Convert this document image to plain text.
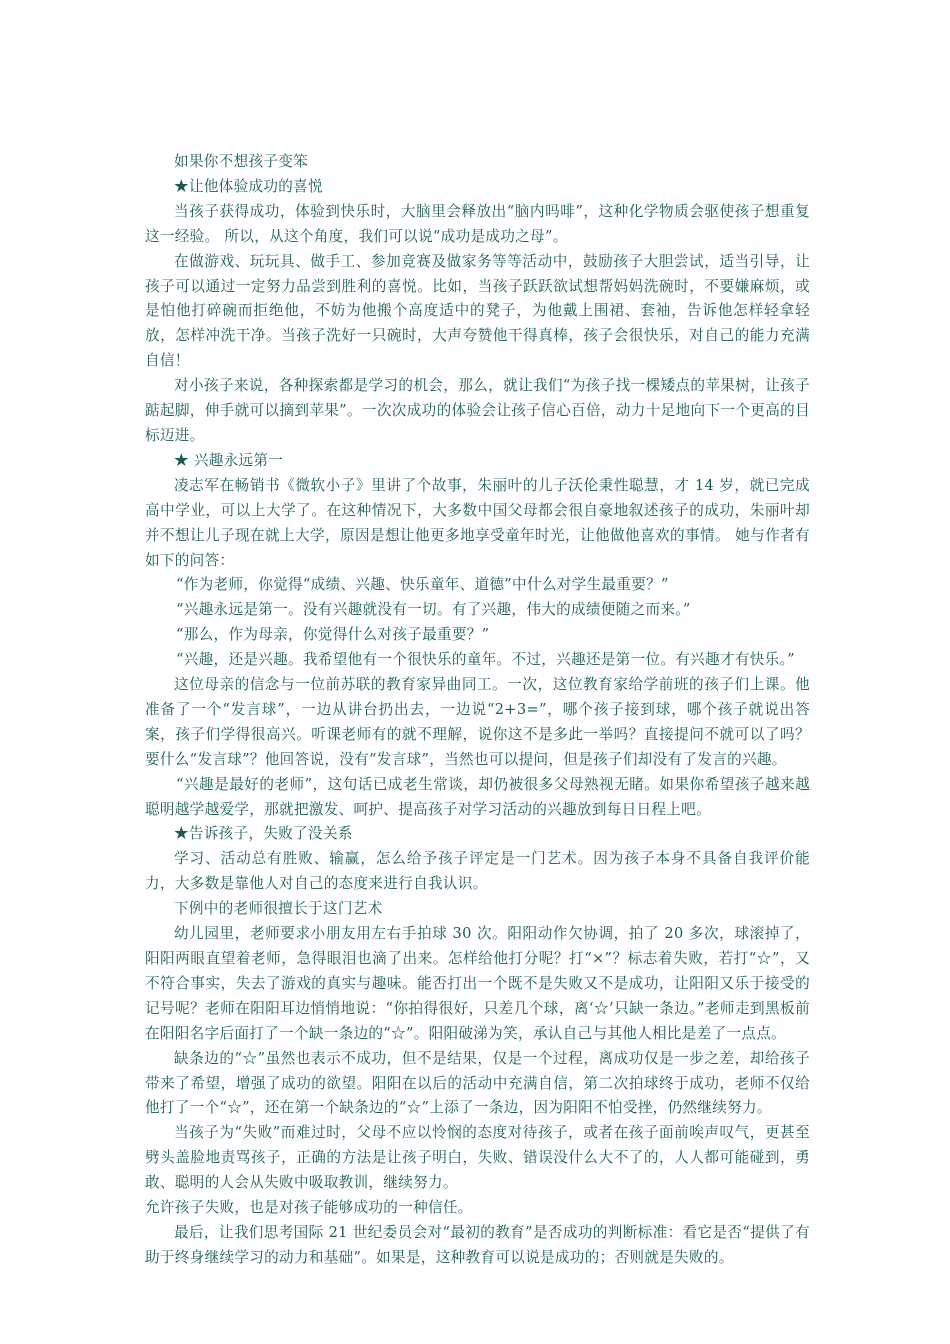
如果你不想孩子变笨

★让他体验成功的喜悦

当孩子获得成功，体验到快乐时，大脑里会释放出“脑内吗啡”，这种化学物质会驱使孩子想重复这一经验。 所以，从这个角度，我们可以说“成功是成功之母”。

在做游戏、玩玩具、做手工、参加竞赛及做家务等等活动中，鼓励孩子大胆尝试，适当引导，让孩子可以通过一定努力品尝到胜利的喜悦。比如，当孩子跃跃欲试想帮妈妈洗碗时，不要嫌麻烦，或是怕他打碎碗而拒绝他，不妨为他搬个高度适中的凳子，为他戴上围裙、套袖，告诉他怎样轻拿轻放，怎样冲洗干净。当孩子洗好一只碗时，大声夸赞他干得真棒，孩子会很快乐，对自己的能力充满自信！

对小孩子来说，各种探索都是学习的机会，那么，就让我们“为孩子找一棵矮点的苹果树，让孩子踮起脚，伸手就可以摘到苹果”。一次次成功的体验会让孩子信心百倍，动力十足地向下一个更高的目标迈进。

★ 兴趣永远第一

凌志军在畅销书《微软小子》里讲了个故事，朱丽叶的儿子沃伦秉性聪慧，才 14 岁，就已完成高中学业，可以上大学了。在这种情况下，大多数中国父母都会很自豪地叙述孩子的成功，朱丽叶却并不想让儿子现在就上大学，原因是想让他更多地享受童年时光，让他做他喜欢的事情。 她与作者有如下的问答：

“作为老师，你觉得“成绩、兴趣、快乐童年、道德”中什么对学生最重要？”

“兴趣永远是第一。没有兴趣就没有一切。有了兴趣，伟大的成绩便随之而来。”

“那么，作为母亲，你觉得什么对孩子最重要？”

“兴趣，还是兴趣。我希望他有一个很快乐的童年。不过，兴趣还是第一位。有兴趣才有快乐。”

这位母亲的信念与一位前苏联的教育家异曲同工。一次，这位教育家给学前班的孩子们上课。他准备了一个“发言球”，一边从讲台扔出去，一边说“2+3=”，哪个孩子接到球，哪个孩子就说出答案，孩子们学得很高兴。听课老师有的就不理解，说你这不是多此一举吗？直接提问不就可以了吗？要什么“发言球”？他回答说，没有“发言球”，当然也可以提问，但是孩子们却没有了发言的兴趣。

“兴趣是最好的老师”，这句话已成老生常谈，却仍被很多父母熟视无睹。如果你希望孩子越来越聪明越学越爱学，那就把激发、呵护、提高孩子对学习活动的兴趣放到每日日程上吧。

★告诉孩子，失败了没关系

学习、活动总有胜败、输赢，怎么给予孩子评定是一门艺术。因为孩子本身不具备自我评价能力，大多数是靠他人对自己的态度来进行自我认识。

下例中的老师很擅长于这门艺术

幼儿园里，老师要求小朋友用左右手拍球 30 次。阳阳动作欠协调，拍了 20 多次，球滚掉了，阳阳两眼直望着老师，急得眼泪也滴了出来。怎样给他打分呢？打“×”？标志着失败，若打“☆”，又不符合事实，失去了游戏的真实与趣味。能否打出一个既不是失败又不是成功，让阳阳又乐于接受的记号呢？老师在阳阳耳边悄悄地说：“你拍得很好，只差几个球，离‘☆’只缺一条边。”老师走到黑板前在阳阳名字后面打了一个缺一条边的“☆”。阳阳破涕为笑，承认自己与其他人相比是差了一点点。

缺条边的“☆”虽然也表示不成功，但不是结果，仅是一个过程，离成功仅是一步之差，却给孩子带来了希望，增强了成功的欲望。阳阳在以后的活动中充满自信，第二次拍球终于成功，老师不仅给他打了一个“☆”，还在第一个缺条边的“☆”上添了一条边，因为阳阳不怕受挫，仍然继续努力。

当孩子为“失败”而难过时，父母不应以怜悯的态度对待孩子，或者在孩子面前唉声叹气，更甚至劈头盖脸地责骂孩子，正确的方法是让孩子明白，失败、错误没什么大不了的，人人都可能碰到，勇敢、聪明的人会从失败中吸取教训，继续努力。

允许孩子失败，也是对孩子能够成功的一种信任。

最后，让我们思考国际 21 世纪委员会对“最初的教育”是否成功的判断标准：看它是否“提供了有助于终身继续学习的动力和基础”。如果是，这种教育可以说是成功的；否则就是失败的。
